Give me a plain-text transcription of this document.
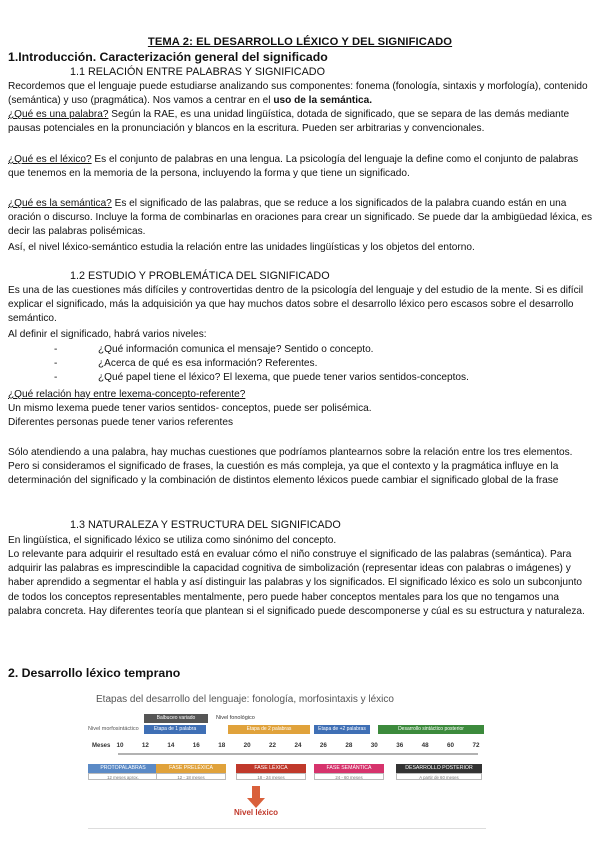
TEMA 2: EL DESARROLLO LÉXICO Y DEL SIGNIFICADO
1.Introducción. Caracterización general del significado
1.1 RELACIÓN ENTRE PALABRAS Y SIGNIFICADO

Recordemos que el lenguaje puede estudiarse analizando sus componentes: fonema (fonología, sintaxis y morfología), contenido (semántica) y uso (pragmática). Nos vamos a centrar en el uso de la semántica.

¿Qué es una palabra? Según la RAE, es una unidad lingüística, dotada de significado, que se separa de las demás mediante pausas potenciales en la pronunciación y blancos en la escritura. Pueden ser arbitrarias y convencionales.

¿Qué es el léxico? Es el conjunto de palabras en una lengua. La psicología del lenguaje la define como el conjunto de palabras que tenemos en la memoria de la persona, incluyendo la forma y que tiene un significado.

¿Qué es la semántica? Es el significado de las palabras, que se reduce a los significados de la palabra cuando están en una oración o discurso. Incluye la forma de combinarlas en oraciones para crear un significado. Se puede dar la ambigüedad léxica, es decir las palabras polisémicas.

Así, el nivel léxico-semántico estudia la relación entre las unidades lingüísticas y los objetos del entorno.

1.2 ESTUDIO Y PROBLEMÁTICA DEL SIGNIFICADO

Es una de las cuestiones más difíciles y controvertidas dentro de la psicología del lenguaje y del estudio de la mente. Si es difícil explicar el significado, más la adquisición ya que hay muchos datos sobre el desarrollo léxico pero escasos sobre el desarrollo semántico.

Al definir el significado, habrá varios niveles:

- ¿Qué información comunica el mensaje? Sentido o concepto.
- ¿Acerca de qué es esa información? Referentes.
- ¿Qué papel tiene el léxico? El lexema, que puede tener varios sentidos-conceptos.

¿Qué relación hay entre lexema-concepto-referente?

Un mismo lexema puede tener varios sentidos- conceptos, puede ser polisémica.

Diferentes personas puede tener varios referentes

Sólo atendiendo a una palabra, hay muchas cuestiones que podríamos plantearnos sobre la relación entre los tres elementos. Pero si consideramos el significado de frases, la cuestión es más compleja, ya que el contexto y la pragmática influye en la determinación del significado y la combinación de distintos elemento léxicos puede cambiar el significado global de la frase

1.3 NATURALEZA Y ESTRUCTURA DEL SIGNIFICADO

En lingüística, el significado léxico se utiliza como sinónimo del concepto.

Lo relevante para adquirir el resultado está en evaluar cómo el niño construye el significado de las palabras (semántica). Para adquirir las palabras es imprescindible la capacidad cognitiva de simbolización (representar ideas con palabras o imágenes) y haber aprendido a segmentar el habla y así distinguir las palabras y los significados. El significado léxico es solo un subconjunto de todos los conceptos representables mentalmente, pero puede haber conceptos mentales para los que no tengamos una palabra concreta. Hay diferentes teoría que plantean si el significado puede descomponerse y cúal es su estructura y naturaleza.

2. Desarrollo léxico temprano
Etapas del desarrollo del lenguaje: fonología, morfosintaxis y léxico
Balbuceo variado	Nivel fonológico
Nivel morfosintáctico	Etapa de 1 palabra	Etapa de 2 palabras	Etapa de +2 palabras	Desarrollo sintáctico posterior
Meses 10	12	14	16	18	20	22	24	26	28	30	36	48	60	72
PROTOPALABRAS
12 meses aprox.
FASE PRELÉXICA
12 - 18 meses
FASE LÉXICA
18 - 24 meses
FASE SEMÁNTICA
24 - 60 meses
DESARROLLO POSTERIOR
A partir de 60 meses
Nivel léxico
